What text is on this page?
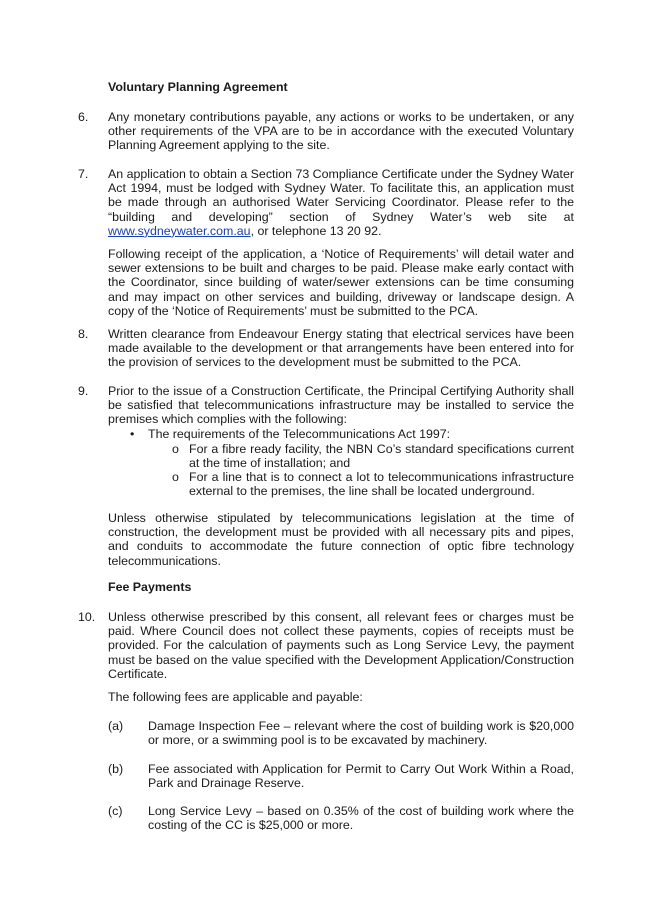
Voluntary Planning Agreement
6. Any monetary contributions payable, any actions or works to be undertaken, or any other requirements of the VPA are to be in accordance with the executed Voluntary Planning Agreement applying to the site.
7. An application to obtain a Section 73 Compliance Certificate under the Sydney Water Act 1994, must be lodged with Sydney Water. To facilitate this, an application must be made through an authorised Water Servicing Coordinator. Please refer to the “building and developing” section of Sydney Water’s web site at www.sydneywater.com.au, or telephone 13 20 92.
Following receipt of the application, a ‘Notice of Requirements’ will detail water and sewer extensions to be built and charges to be paid. Please make early contact with the Coordinator, since building of water/sewer extensions can be time consuming and may impact on other services and building, driveway or landscape design. A copy of the ‘Notice of Requirements’ must be submitted to the PCA.
8. Written clearance from Endeavour Energy stating that electrical services have been made available to the development or that arrangements have been entered into for the provision of services to the development must be submitted to the PCA.
9. Prior to the issue of a Construction Certificate, the Principal Certifying Authority shall be satisfied that telecommunications infrastructure may be installed to service the premises which complies with the following:
• The requirements of the Telecommunications Act 1997:
o For a fibre ready facility, the NBN Co’s standard specifications current at the time of installation; and
o For a line that is to connect a lot to telecommunications infrastructure external to the premises, the line shall be located underground.
Unless otherwise stipulated by telecommunications legislation at the time of construction, the development must be provided with all necessary pits and pipes, and conduits to accommodate the future connection of optic fibre technology telecommunications.
Fee Payments
10. Unless otherwise prescribed by this consent, all relevant fees or charges must be paid. Where Council does not collect these payments, copies of receipts must be provided. For the calculation of payments such as Long Service Levy, the payment must be based on the value specified with the Development Application/Construction Certificate.
The following fees are applicable and payable:
(a) Damage Inspection Fee – relevant where the cost of building work is $20,000 or more, or a swimming pool is to be excavated by machinery.
(b) Fee associated with Application for Permit to Carry Out Work Within a Road, Park and Drainage Reserve.
(c) Long Service Levy – based on 0.35% of the cost of building work where the costing of the CC is $25,000 or more.
